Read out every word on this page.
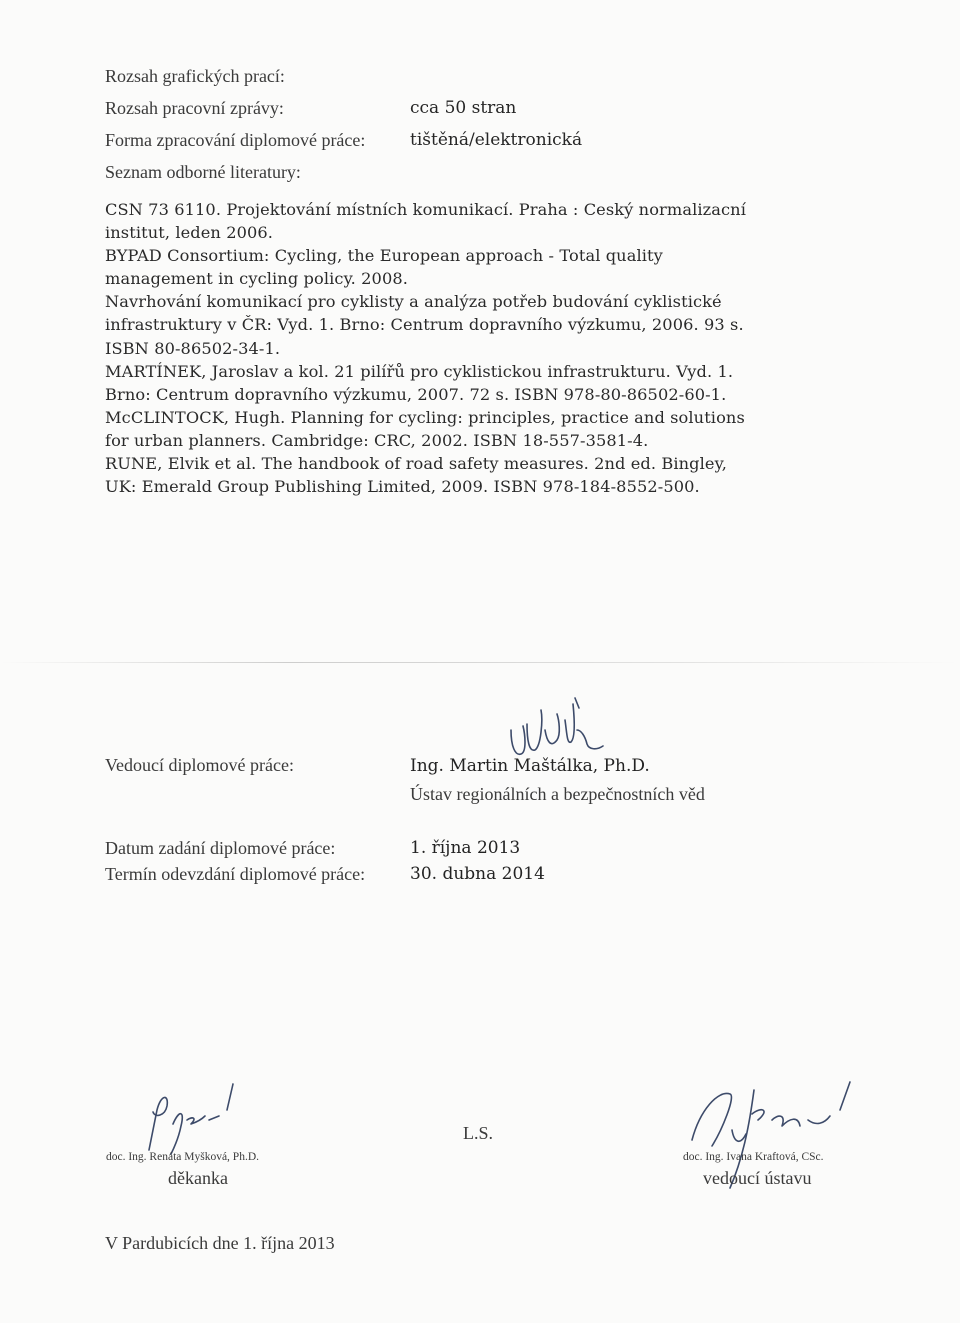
Rozsah grafických prací:
Rozsah pracovní zprávy:	cca 50 stran
Forma zpracování diplomové práce:	tištěná/elektronická
Seznam odborné literatury:
CSN 73 6110. Projektování místních komunikací. Praha : Ceský normalizacní
institut, leden 2006.
BYPAD Consortium: Cycling, the European approach - Total quality
management in cycling policy. 2008.
Navrhování komunikací pro cyklisty a analýza potřeb budování cyklistické
infrastruktury v ČR: Vyd. 1. Brno: Centrum dopravního výzkumu, 2006. 93 s.
ISBN 80-86502-34-1.
MARTÍNEK, Jaroslav a kol. 21 pilířů pro cyklistickou infrastrukturu. Vyd. 1.
Brno: Centrum dopravního výzkumu, 2007. 72 s. ISBN 978-80-86502-60-1.
McCLINTOCK, Hugh. Planning for cycling: principles, practice and solutions
for urban planners. Cambridge: CRC, 2002. ISBN 18-557-3581-4.
RUNE, Elvik et al. The handbook of road safety measures. 2nd ed. Bingley,
UK: Emerald Group Publishing Limited, 2009. ISBN 978-184-8552-500.
Vedoucí diplomové práce:	Ing. Martin Maštálka, Ph.D.
Ústav regionálních a bezpečnostních věd
Datum zadání diplomové práce:	1. října 2013
Termín odevzdání diplomové práce:	30. dubna 2014
doc. Ing. Renáta Myšková, Ph.D.
děkanka
L.S.
doc. Ing. Ivana Kraftová, CSc.
vedoucí ústavu
V Pardubicích dne 1. října 2013
